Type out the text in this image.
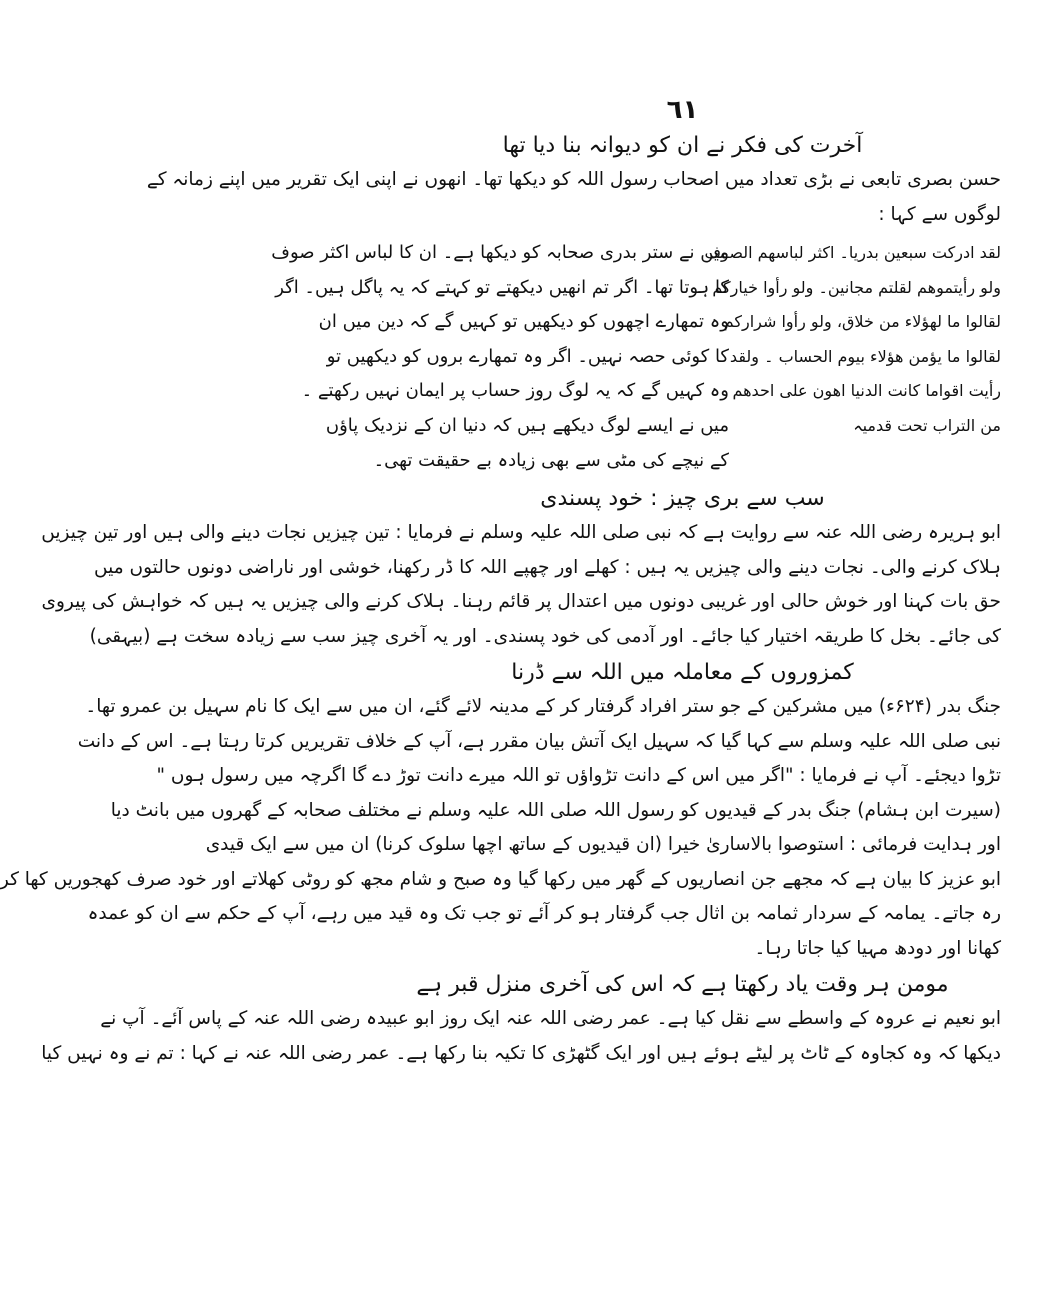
٦١
آخرت کی فکر نے ان کو دیوانہ بنا دیا تھا
حسن بصری تابعی نے بڑی تعداد میں اصحاب رسول اللہ کو دیکھا تھا۔ انھوں نے اپنی ایک تقریر میں اپنے زمانہ کے
لوگوں سے کہا :

لقد ادرکت سبعین بدریا۔ اکثر لباسھم الصوف

ولو رأیتموھم لقلتم مجانین۔ ولو رأوا خیارکم

لقالوا ما لھؤلاء من خلاق، ولو رأوا شرارکم

لقالوا ما یؤمن ھؤلاء بیوم الحساب ۔ ولقد

رأیت اقواما کانت الدنیا اھون علی احدھم

من التراب تحت قدمیہ

میں نے ستر بدری صحابہ کو دیکھا ہے۔ ان کا لباس اکثر صوف

کا ہوتا تھا۔ اگر تم انھیں دیکھتے تو کہتے کہ یہ پاگل ہیں۔ اگر

وہ تمھارے اچھوں کو دیکھیں تو کہیں گے کہ دین میں ان

کا کوئی حصہ نہیں۔ اگر وہ تمھارے بروں کو دیکھیں تو

وہ کہیں گے کہ یہ لوگ روز حساب پر ایمان نہیں رکھتے ۔

میں نے ایسے لوگ دیکھے ہیں کہ دنیا ان کے نزدیک پاؤں

کے نیچے کی مٹی سے بھی زیادہ بے حقیقت تھی۔

سب سے بری چیز : خود پسندی
ابو ہریرہ رضی اللہ عنہ سے روایت ہے کہ نبی صلی اللہ علیہ وسلم نے فرمایا : تین چیزیں نجات دینے والی ہیں اور تین چیزیں
ہلاک کرنے والی۔ نجات دینے والی چیزیں یہ ہیں : کھلے اور چھپے اللہ کا ڈر رکھنا، خوشی اور ناراضی دونوں حالتوں میں
حق بات کہنا اور خوش حالی اور غریبی دونوں میں اعتدال پر قائم رہنا۔ ہلاک کرنے والی چیزیں یہ ہیں کہ خواہش کی پیروی
کی جائے۔ بخل کا طریقہ اختیار کیا جائے۔ اور آدمی کی خود پسندی۔ اور یہ آخری چیز سب سے زیادہ سخت ہے (بیہقی)
کمزوروں کے معاملہ میں اللہ سے ڈرنا
جنگ بدر (۶۲۴ء) میں مشرکین کے جو ستر افراد گرفتار کر کے مدینہ لائے گئے، ان میں سے ایک کا نام سہیل بن عمرو تھا۔
نبی صلی اللہ علیہ وسلم سے کہا گیا کہ سہیل ایک آتش بیان مقرر ہے، آپ کے خلاف تقریریں کرتا رہتا ہے۔ اس کے دانت
تڑوا دیجئے۔ آپ نے فرمایا : "اگر میں اس کے دانت تڑواؤں تو اللہ میرے دانت توڑ دے گا اگرچہ میں رسول ہوں "
(سیرت ابن ہشام) جنگ بدر کے قیدیوں کو رسول اللہ صلی اللہ علیہ وسلم نے مختلف صحابہ کے گھروں میں بانٹ دیا
اور ہدایت فرمائی : استوصوا بالاساریٰ خیرا (ان قیدیوں کے ساتھ اچھا سلوک کرنا) ان میں سے ایک قیدی
ابو عزیز کا بیان ہے کہ مجھے جن انصاریوں کے گھر میں رکھا گیا وہ صبح و شام مجھ کو روٹی کھلاتے اور خود صرف کھجوریں کھا کر
رہ جاتے۔ یمامہ کے سردار ثمامہ بن اثال جب گرفتار ہو کر آئے تو جب تک وہ قید میں رہے، آپ کے حکم سے ان کو عمدہ
کھانا اور دودھ مہیا کیا جاتا رہا۔
مومن ہر وقت یاد رکھتا ہے کہ اس کی آخری منزل قبر ہے
ابو نعیم نے عروہ کے واسطے سے نقل کیا ہے۔ عمر رضی اللہ عنہ ایک روز ابو عبیدہ رضی اللہ عنہ کے پاس آئے۔ آپ نے
دیکھا کہ وہ کجاوہ کے ٹاٹ پر لیٹے ہوئے ہیں اور ایک گٹھڑی کا تکیہ بنا رکھا ہے۔ عمر رضی اللہ عنہ نے کہا : تم نے وہ نہیں کیا
